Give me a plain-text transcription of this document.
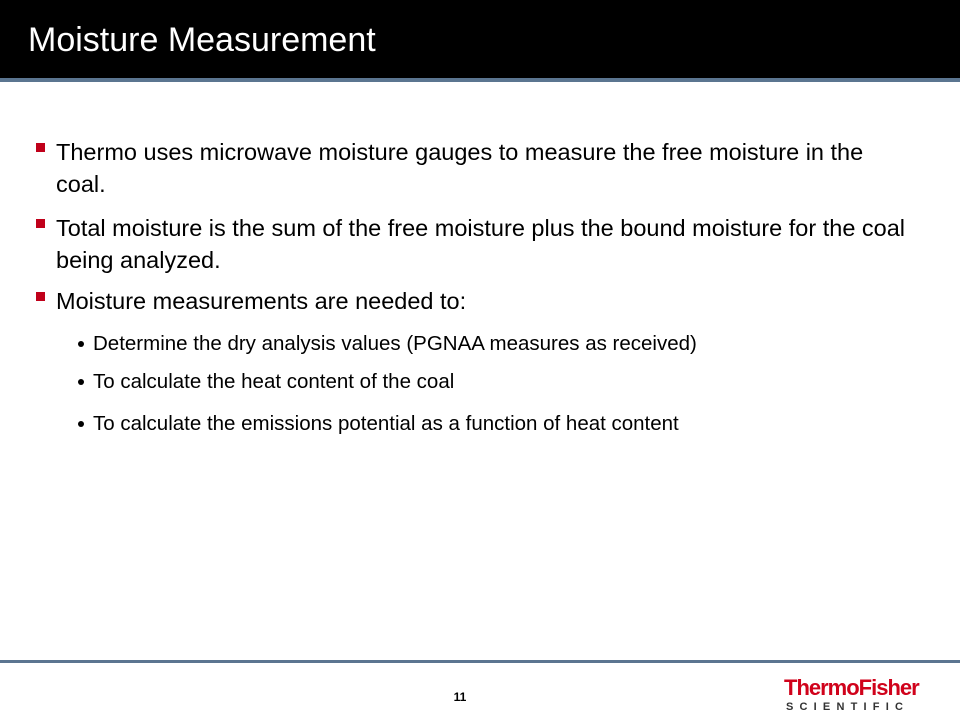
Moisture Measurement
Thermo uses microwave moisture gauges to measure the free moisture in the coal.
Total moisture is the sum of the free moisture plus the bound moisture for the coal being analyzed.
Moisture measurements are needed to:
Determine the dry analysis values (PGNAA measures as received)
To calculate the heat content of the coal
To calculate the emissions potential as a function of heat content
11	ThermoFisher
SCIENTIFIC
